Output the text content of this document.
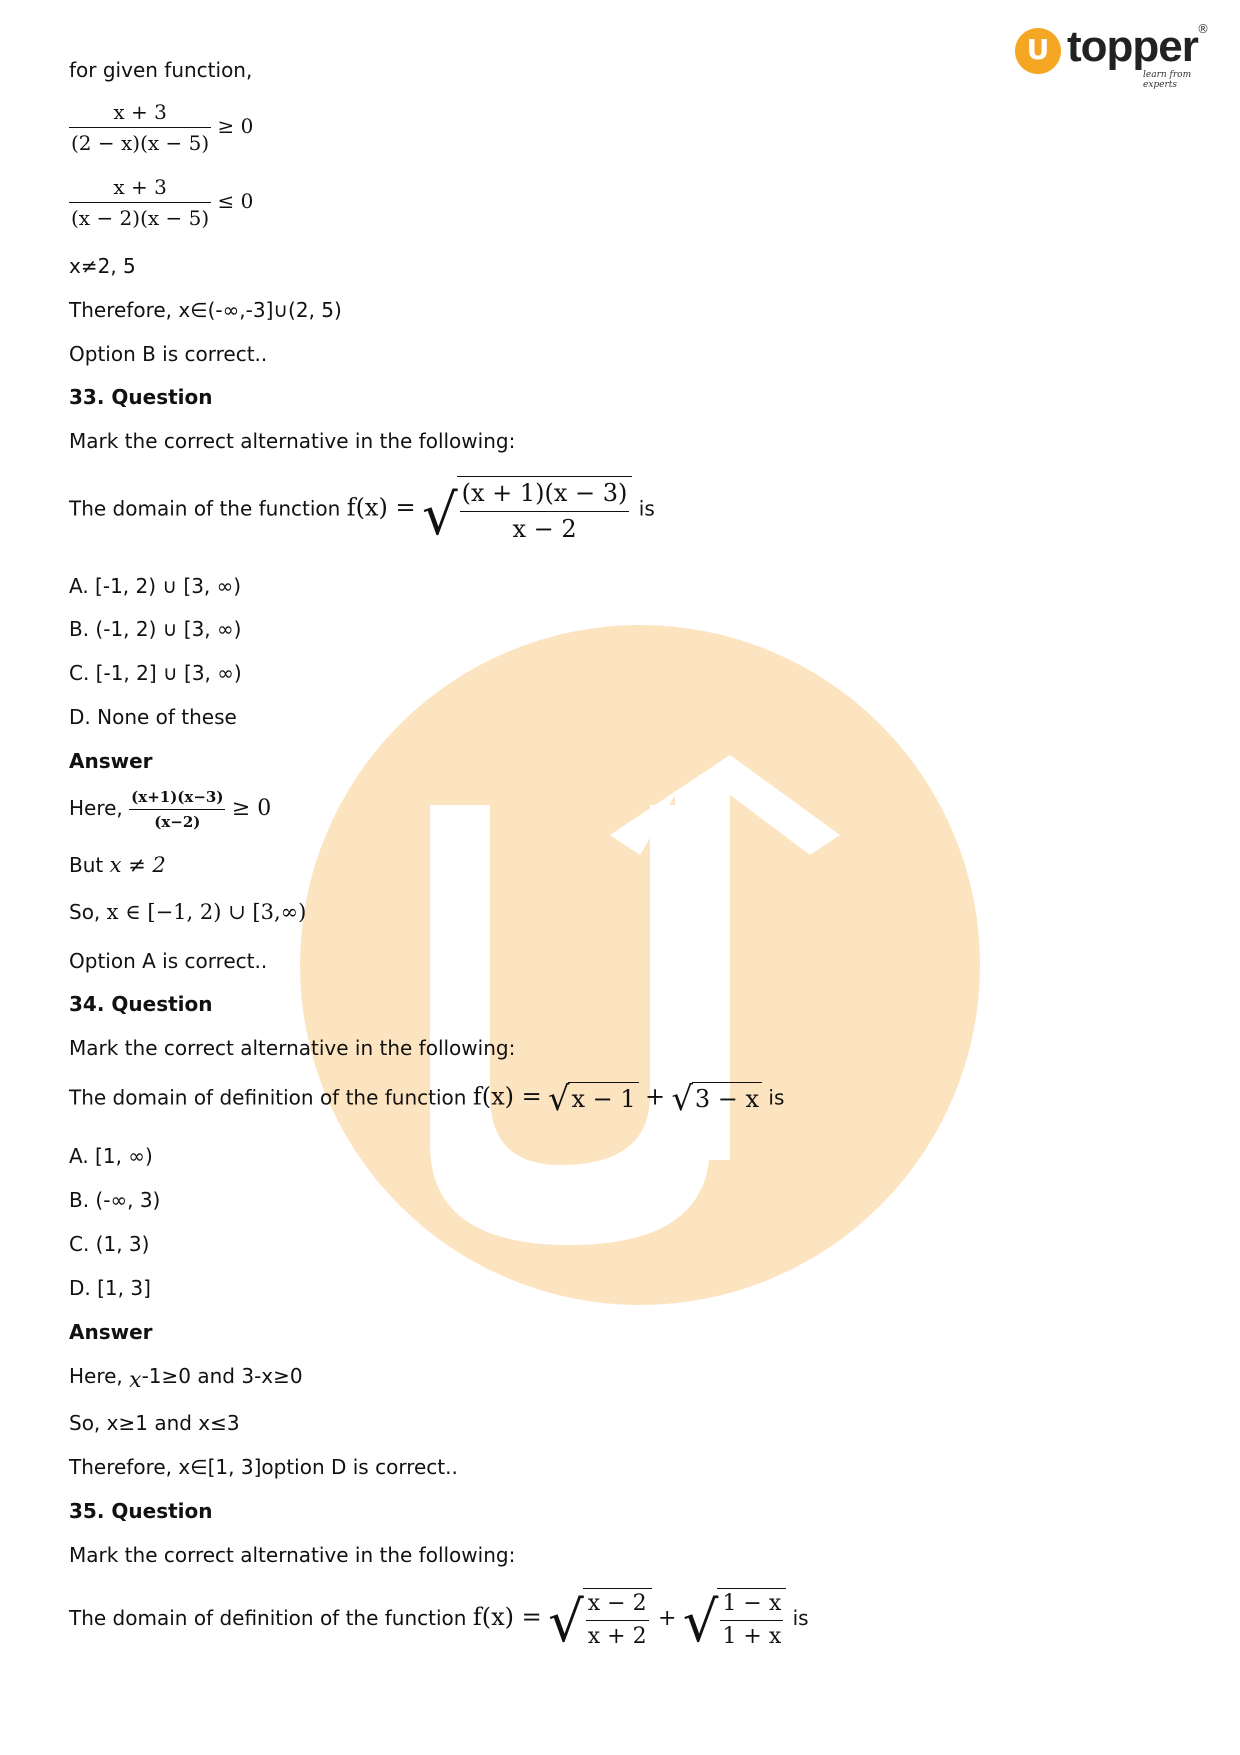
U topper ®
learn from experts
for given function,
$\frac{x + 3}{(2 - x)(x - 5)} \ge 0$
$\frac{x + 3}{(x - 2)(x - 5)} \le 0$
x≠2, 5
Therefore, x∈(-∞,-3]∪(2, 5)
Option B is correct..
33. Question
Mark the correct alternative in the following:
The domain of the function f(x) = √ $\frac{(x + 1)(x - 3)}{x - 2}$ is
A. [-1, 2) ∪ [3, ∞)
B. (-1, 2) ∪ [3, ∞)
C. [-1, 2] ∪ [3, ∞)
D. None of these
Answer
Here, $\frac{(x+1)(x-3)}{(x-2)} \ge 0$
But x ≠ 2
So, x ∈ [−1, 2) ∪ [3,∞)
Option A is correct..
34. Question
Mark the correct alternative in the following:
The domain of definition of the function f(x) = √ x − 1 + √ 3 − x is
A. [1, ∞)
B. (-∞, 3)
C. (1, 3)
D. [1, 3]
Answer
Here, x-1≥0 and 3-x≥0
So, x≥1 and x≤3
Therefore, x∈[1, 3]option D is correct..
35. Question
Mark the correct alternative in the following:
The domain of definition of the function f(x) = √ $\frac{x - 2}{x + 2}$ + √ $\frac{1 - x}{1 + x}$ is
